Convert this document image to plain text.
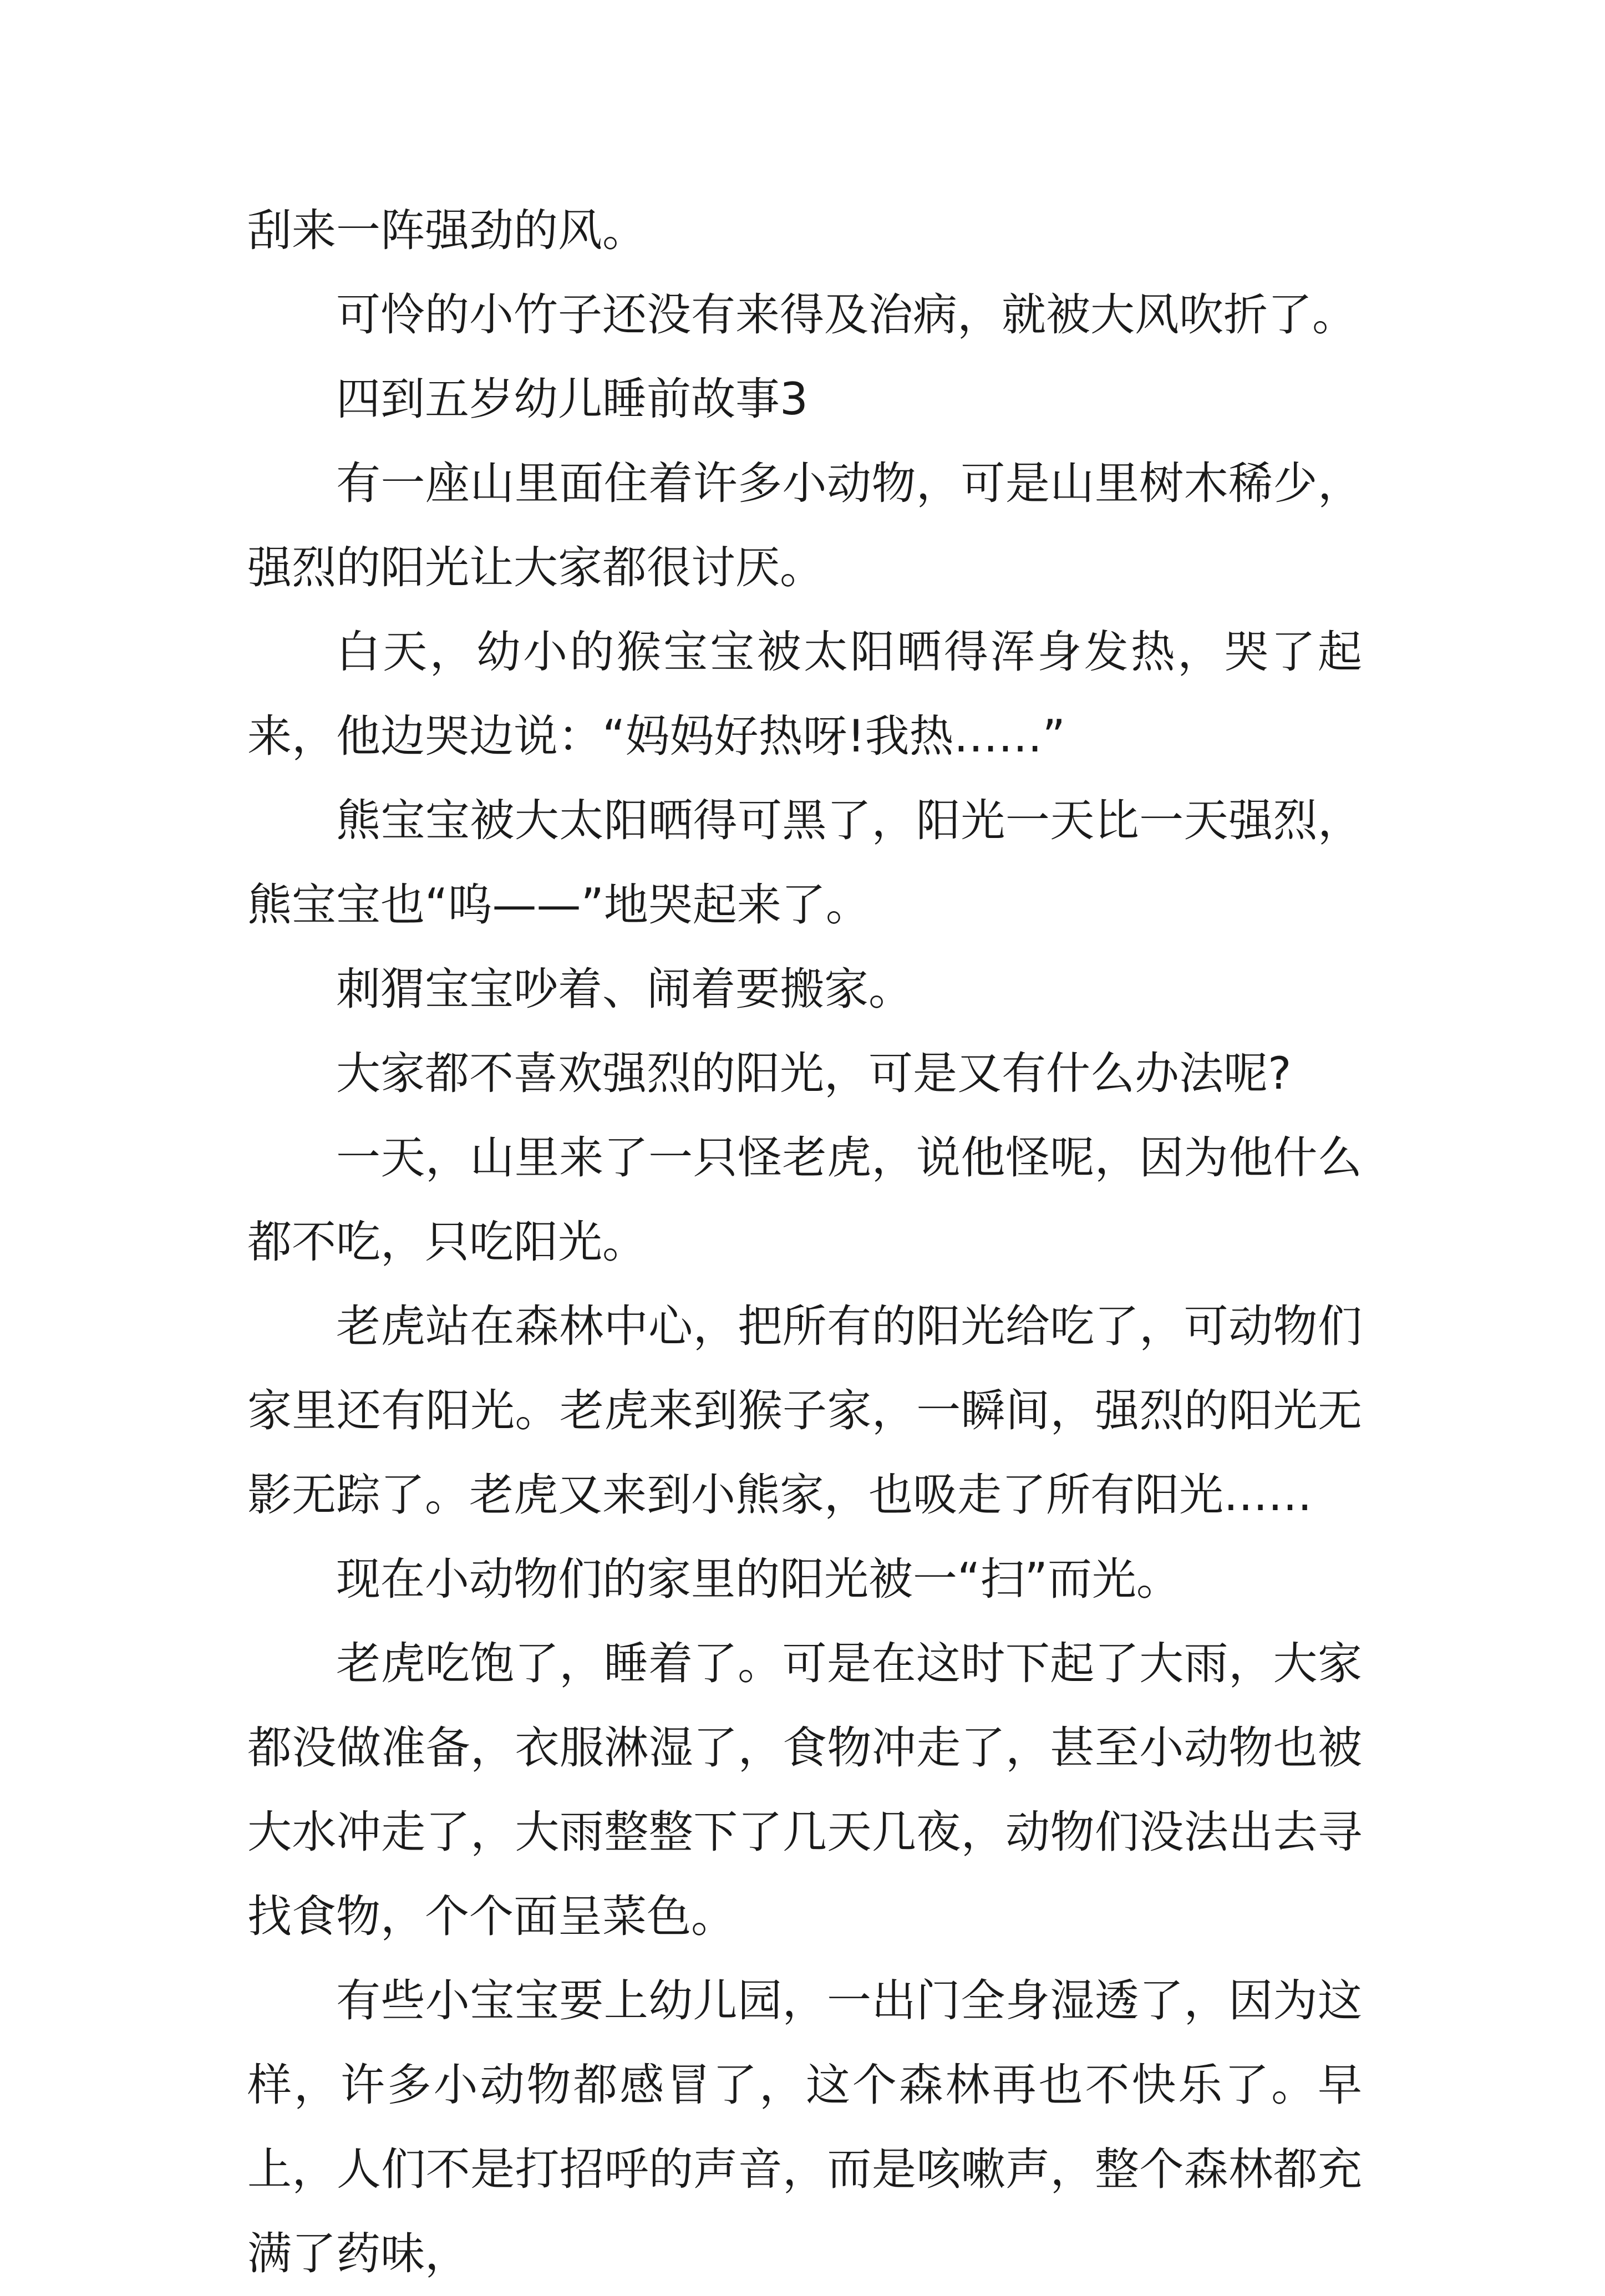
刮来一阵强劲的风。

可怜的小竹子还没有来得及治病，就被大风吹折了。

四到五岁幼儿睡前故事3

有一座山里面住着许多小动物，可是山里树木稀少，强烈的阳光让大家都很讨厌。

白天，幼小的猴宝宝被太阳晒得浑身发热，哭了起来，他边哭边说：“妈妈好热呀!我热……”

熊宝宝被大太阳晒得可黑了，阳光一天比一天强烈，熊宝宝也“呜——”地哭起来了。

刺猬宝宝吵着、闹着要搬家。

大家都不喜欢强烈的阳光，可是又有什么办法呢?

一天，山里来了一只怪老虎，说他怪呢，因为他什么都不吃，只吃阳光。

老虎站在森林中心，把所有的阳光给吃了，可动物们家里还有阳光。老虎来到猴子家，一瞬间，强烈的阳光无影无踪了。老虎又来到小熊家，也吸走了所有阳光……

现在小动物们的家里的阳光被一“扫”而光。

老虎吃饱了，睡着了。可是在这时下起了大雨，大家都没做准备，衣服淋湿了，食物冲走了，甚至小动物也被大水冲走了，大雨整整下了几天几夜，动物们没法出去寻找食物，个个面呈菜色。

有些小宝宝要上幼儿园，一出门全身湿透了，因为这样，许多小动物都感冒了，这个森林再也不快乐了。早上，人们不是打招呼的声音，而是咳嗽声，整个森林都充满了药味，
